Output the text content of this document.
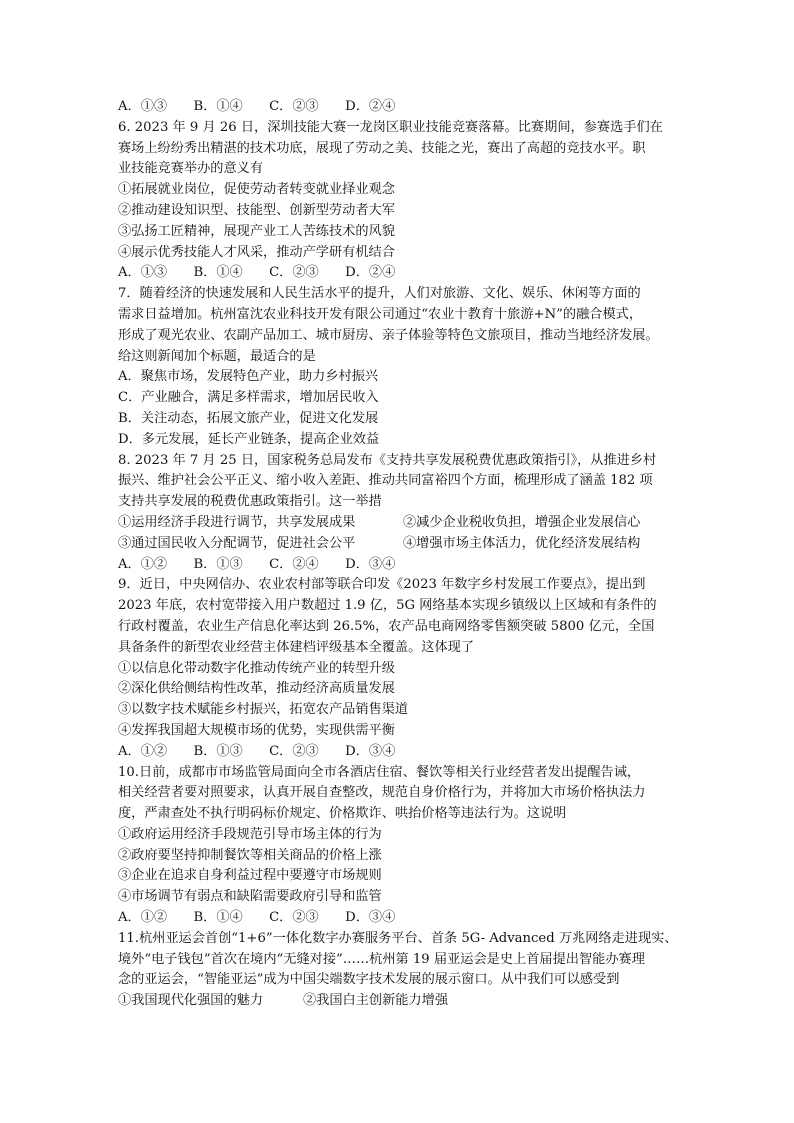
A．①③　　B．①④　　C．②③　　D．②④
6. 2023 年 9 月 26 日，深圳技能大赛一龙岗区职业技能竞赛落幕。比赛期间，参赛选手们在
赛场上纷纷秀出精湛的技术功底，展现了劳动之美、技能之光，赛出了高超的竞技水平。职
业技能竞赛举办的意义有
①拓展就业岗位，促使劳动者转变就业择业观念
②推动建设知识型、技能型、创新型劳动者大军
③弘扬工匠精神，展现产业工人苦练技术的风貌
④展示优秀技能人才风采，推动产学研有机结合
A．①③　　B．①④　　C．②③　　D．②④
7．随着经济的快速发展和人民生活水平的提升，人们对旅游、文化、娱乐、休闲等方面的
需求日益增加。杭州富沈农业科技开发有限公司通过“农业十教育十旅游+N”的融合模式，
形成了观光农业、农副产品加工、城市厨房、亲子体验等特色文旅项目，推动当地经济发展。
给这则新闻加个标题，最适合的是
A．聚焦市场，发展特色产业，助力乡村振兴
C．产业融合，满足多样需求，增加居民收入
B．关注动态，拓展文旅产业，促进文化发展
D．多元发展，延长产业链条，提高企业效益
8. 2023 年 7 月 25 日，国家税务总局发布《支持共享发展税费优惠政策指引》，从推进乡村
振兴、维护社会公平正义、缩小收入差距、推动共同富裕四个方面，梳理形成了涵盖 182 项
支持共享发展的税费优惠政策指引。这一举措
①运用经济手段进行调节，共享发展成果	②减少企业税收负担，增强企业发展信心
③通过国民收入分配调节，促进社会公平	④增强市场主体活力，优化经济发展结构
A．①②　　B．①③　　C．②④　　D．③④
9．近日，中央网信办、农业农村部等联合印发《2023 年数字乡村发展工作要点》，提出到
2023 年底，农村宽带接入用户数超过 1.9 亿，5G 网络基本实现乡镇级以上区域和有条件的
行政村覆盖，农业生产信息化率达到 26.5%，农产品电商网络零售额突破 5800 亿元，全国
具备条件的新型农业经营主体建档评级基本全覆盖。这体现了
①以信息化带动数字化推动传统产业的转型升级
②深化供给侧结构性改革，推动经济高质量发展
③以数字技术赋能乡村振兴，拓宽农产品销售渠道
④发挥我国超大规模市场的优势，实现供需平衡
A．①②　　B．①③　　C．②③　　D．③④
10.日前，成都市市场监管局面向全市各酒店住宿、餐饮等相关行业经营者发出提醒告诫，
相关经营者要对照要求，认真开展自查整改，规范自身价格行为，并将加大市场价格执法力
度，严肃查处不执行明码标价规定、价格欺诈、哄抬价格等违法行为。这说明
①政府运用经济手段规范引导市场主体的行为
②政府要坚持抑制餐饮等相关商品的价格上涨
③企业在追求自身利益过程中要遵守市场规则
④市场调节有弱点和缺陷需要政府引导和监管
A．①②　　B．①④　　C．②③　　D．③④
11.杭州亚运会首创“1+6”一体化数字办赛服务平台、首条 5G- Advanced 万兆网络走进现实、
境外“电子钱包”首次在境内“无缝对接”……杭州第 19 届亚运会是史上首届提出智能办赛理
念的亚运会，“智能亚运”成为中国尖端数字技术发展的展示窗口。从中我们可以感受到
①我国现代化强国的魅力	②我国白主创新能力增强
